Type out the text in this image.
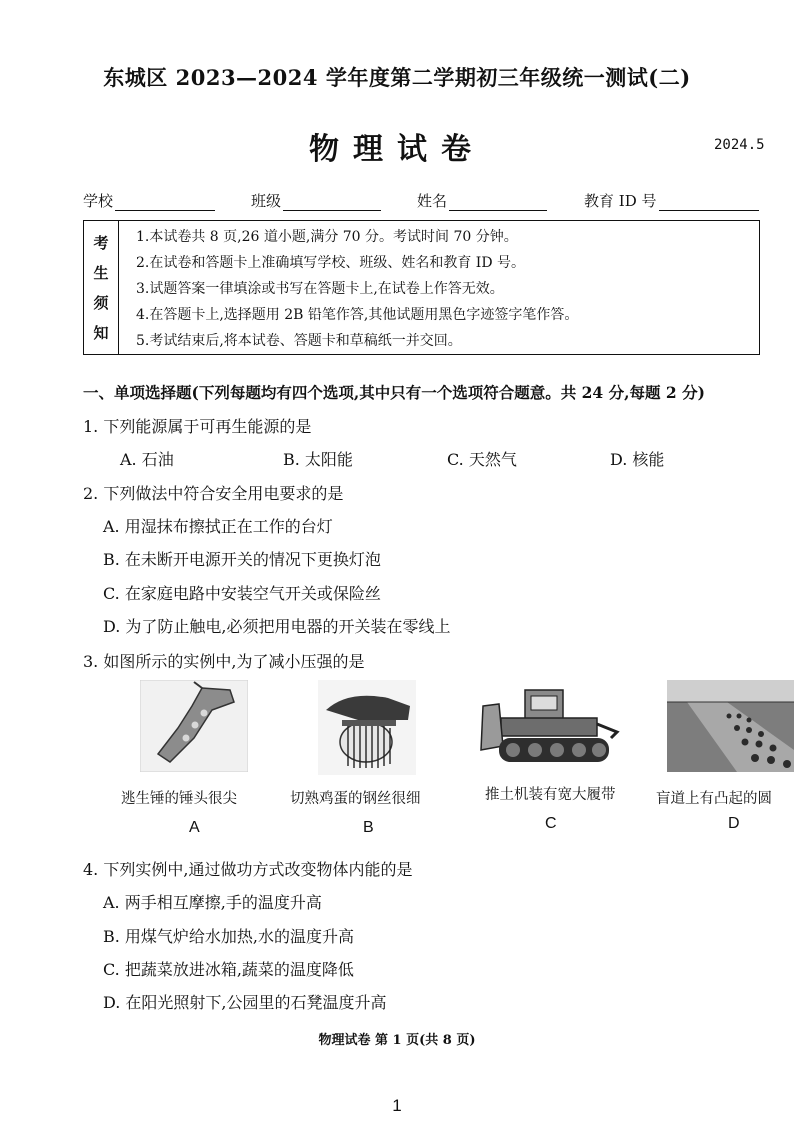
东城区 2023—2024 学年度第二学期初三年级统一测试(二)
物理试卷	2024.5
学校	班级	姓名	教育 ID 号
考
生
须
知
1.本试卷共 8 页,26 道小题,满分 70 分。考试时间 70 分钟。
2.在试卷和答题卡上准确填写学校、班级、姓名和教育 ID 号。
3.试题答案一律填涂或书写在答题卡上,在试卷上作答无效。
4.在答题卡上,选择题用 2B 铅笔作答,其他试题用黑色字迹签字笔作答。
5.考试结束后,将本试卷、答题卡和草稿纸一并交回。
一、单项选择题(下列每题均有四个选项,其中只有一个选项符合题意。共 24 分,每题 2 分)
1. 下列能源属于可再生能源的是
A. 石油	B. 太阳能	C. 天然气	D. 核能
2. 下列做法中符合安全用电要求的是
A. 用湿抹布擦拭正在工作的台灯
B. 在未断开电源开关的情况下更换灯泡
C. 在家庭电路中安装空气开关或保险丝
D. 为了防止触电,必须把用电器的开关装在零线上
3. 如图所示的实例中,为了减小压强的是
逃生锤的锤头很尖
A
切熟鸡蛋的钢丝很细
B
推土机装有宽大履带
C
盲道上有凸起的圆
D
4. 下列实例中,通过做功方式改变物体内能的是
A. 两手相互摩擦,手的温度升高
B. 用煤气炉给水加热,水的温度升高
C. 把蔬菜放进冰箱,蔬菜的温度降低
D. 在阳光照射下,公园里的石凳温度升高
物理试卷 第 1 页(共 8 页)
1
